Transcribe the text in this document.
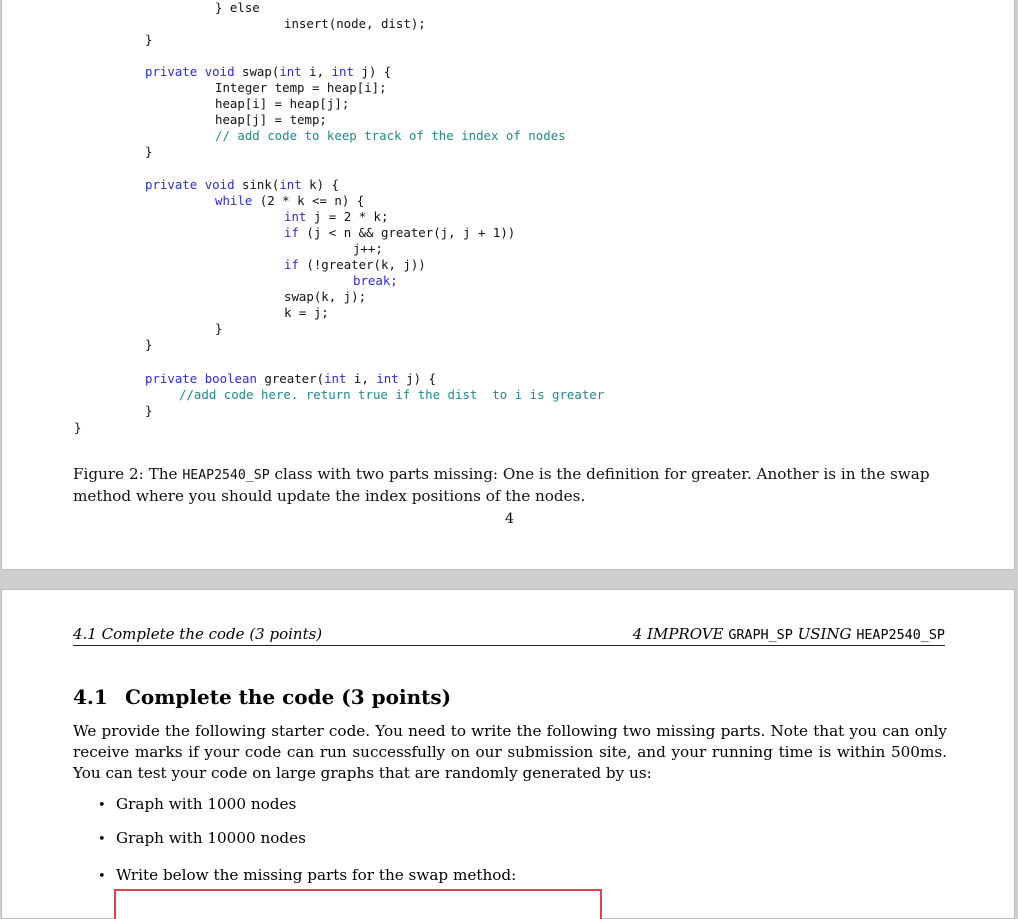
} else
insert(node, dist);
}
private void swap(int i, int j) {
Integer temp = heap[i];
heap[i] = heap[j];
heap[j] = temp;
// add code to keep track of the index of nodes
}
private void sink(int k) {
while (2 * k <= n) {
int j = 2 * k;
if (j < n && greater(j, j + 1))
j++;
if (!greater(k, j))
break;
swap(k, j);
k = j;
}
}
private boolean greater(int i, int j) {
//add code here. return true if the dist  to i is greater
}
}
Figure 2: The HEAP2540_SP class with two parts missing: One is the definition for greater. Another is in the swap method where you should update the index positions of the nodes.
4
4.1 Complete the code (3 points)	4 IMPROVE GRAPH_SP USING HEAP2540_SP
4.1 Complete the code (3 points)
We provide the following starter code. You need to write the following two missing parts. Note that you can only receive marks if your code can run successfully on our submission site, and your running time is within 500ms. You can test your code on large graphs that are randomly generated by us:
• Graph with 1000 nodes
• Graph with 10000 nodes
• Write below the missing parts for the swap method:
